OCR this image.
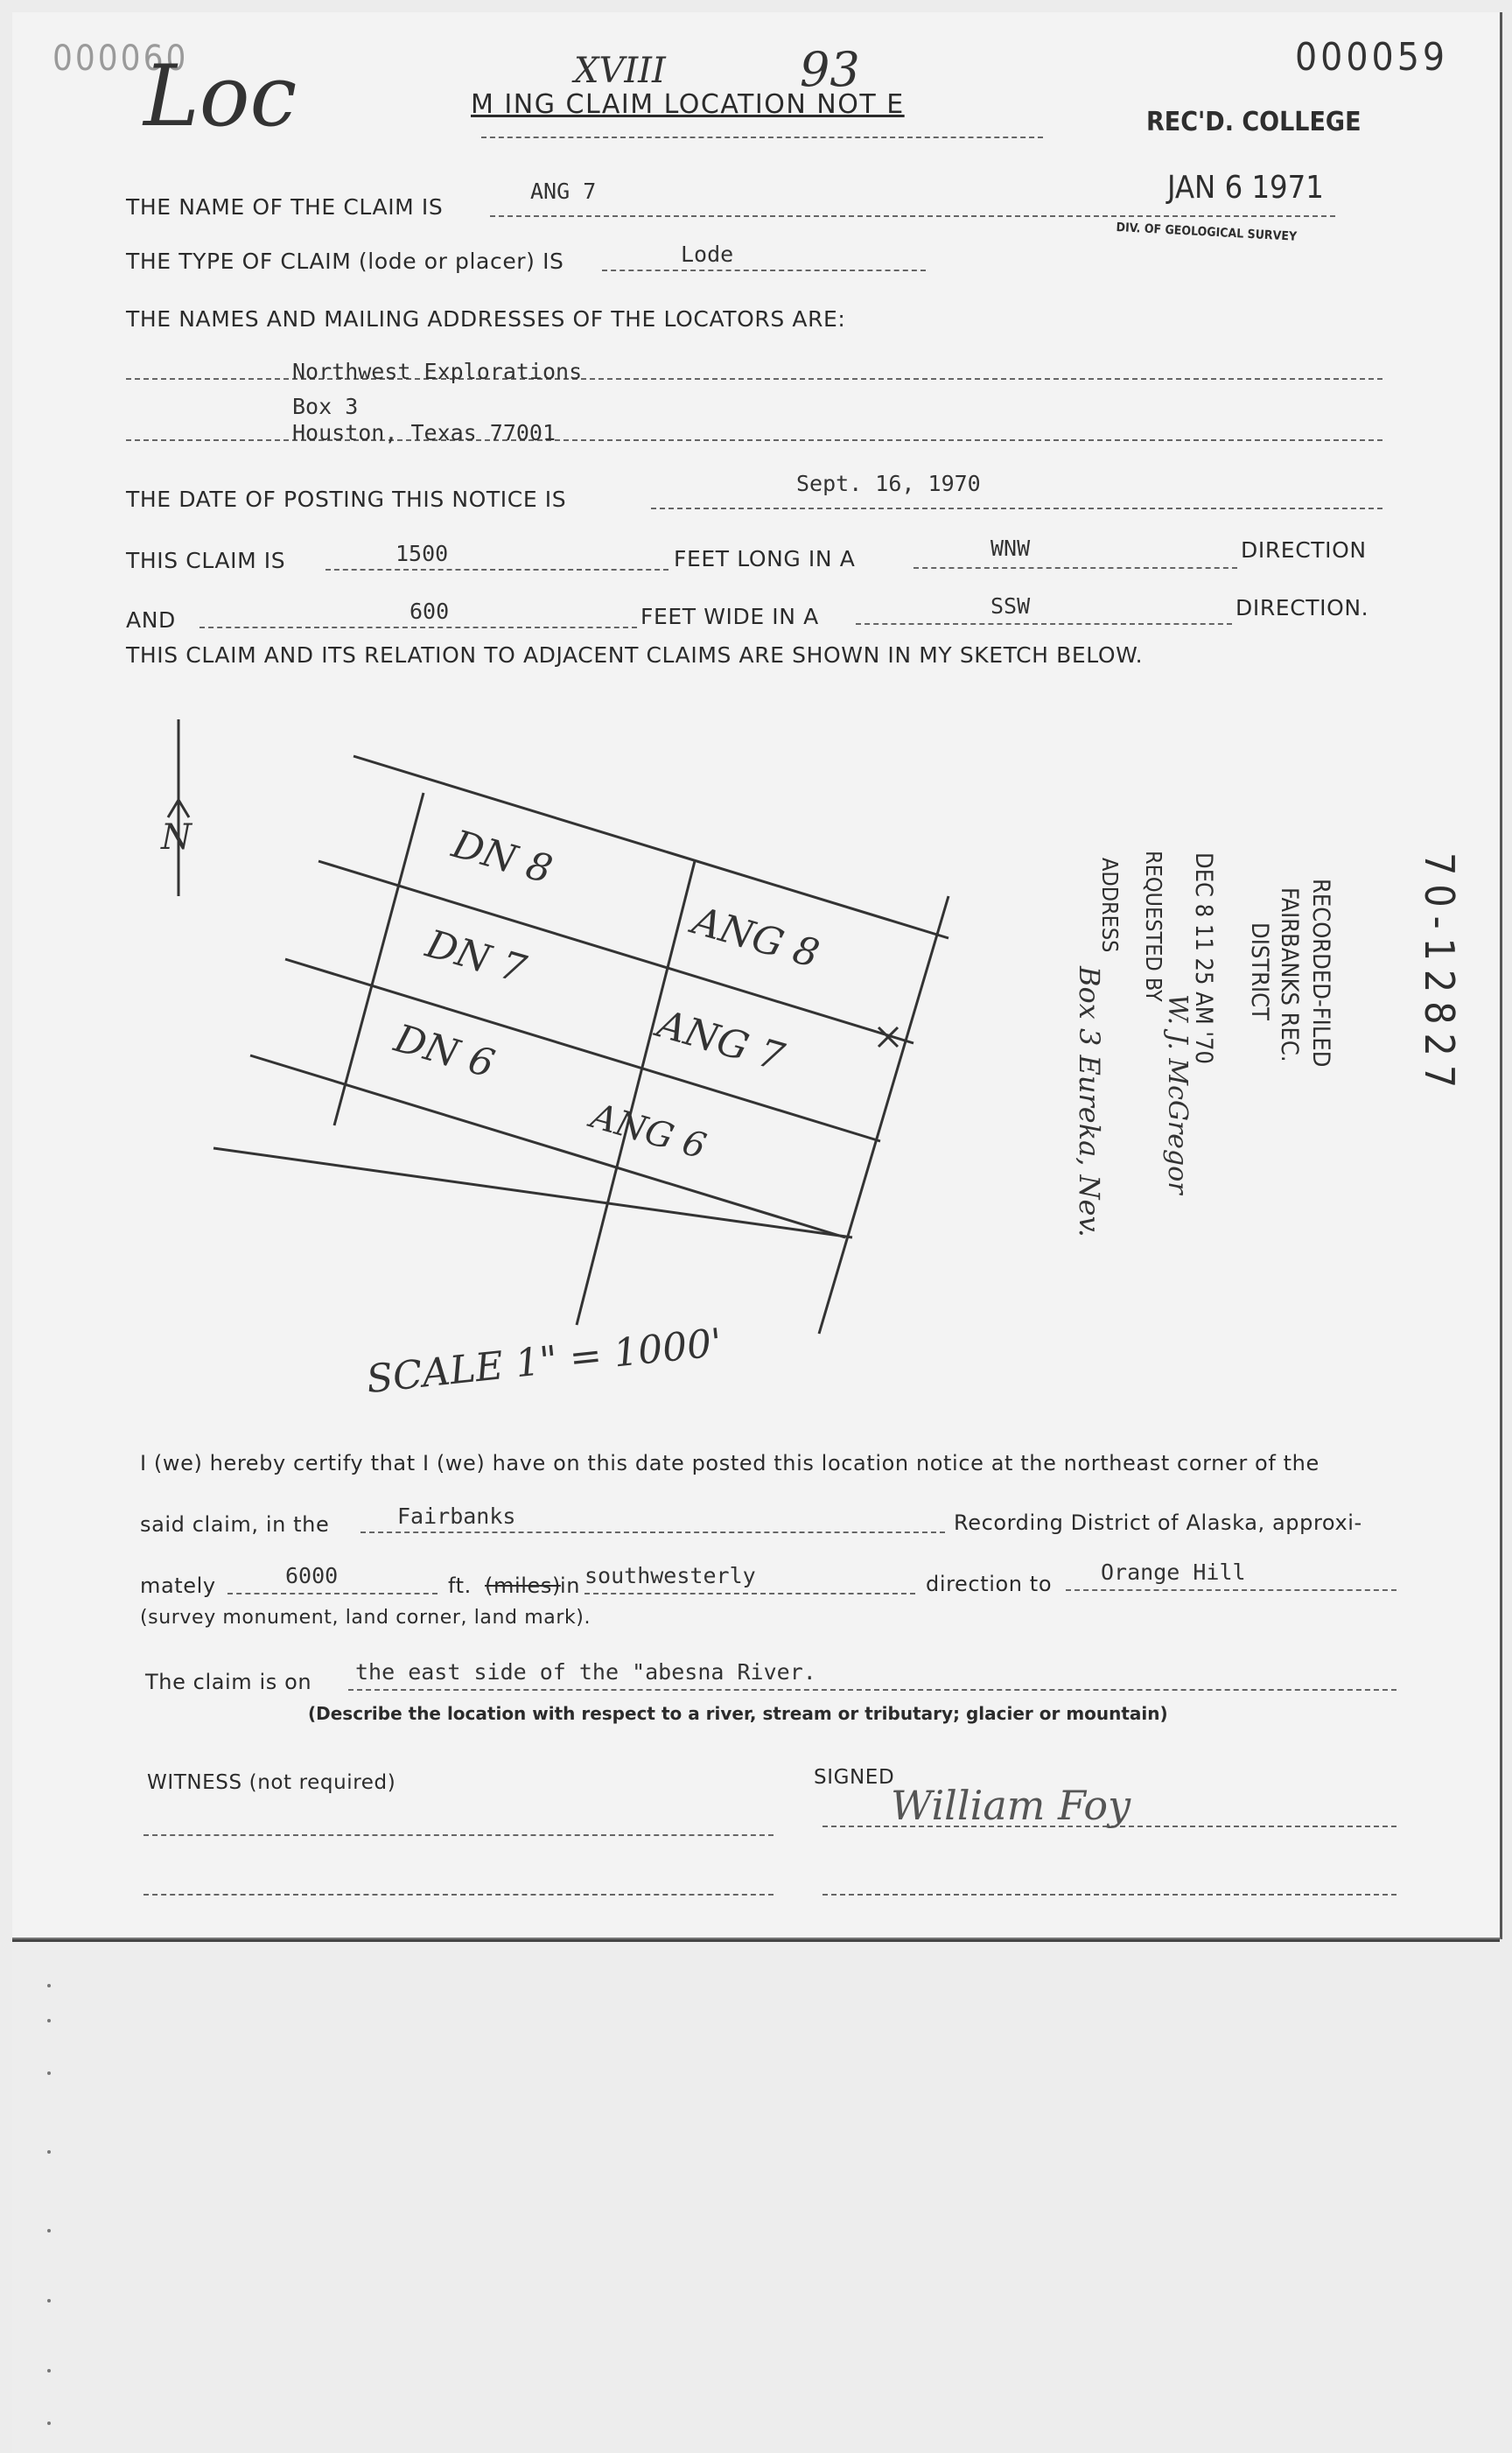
000060	000059
Loc	XVIII	93
M ING CLAIM LOCATION NOT E
REC'D. COLLEGE
JAN 6 1971
DIV. OF GEOLOGICAL SURVEY
THE NAME OF THE CLAIM IS
ANG 7
THE TYPE OF CLAIM (lode or placer) IS	Lode
THE NAMES AND MAILING ADDRESSES OF THE LOCATORS ARE:
Northwest Explorations
Box 3
Houston, Texas 77001
THE DATE OF POSTING THIS NOTICE IS
Sept. 16, 1970
THIS CLAIM IS	1500	FEET LONG IN A	WNW	DIRECTION
AND	600	FEET WIDE IN A	SSW	DIRECTION.
THIS CLAIM AND ITS RELATION TO ADJACENT CLAIMS ARE SHOWN IN MY SKETCH BELOW.
N	DN 8
DN 7
DN 6
ANG 8
ANG 7
ANG 6
SCALE 1" = 1000'
70-12827
RECORDED-FILED
FAIRBANKS REC.
DISTRICT
DEC 8 11 25 AM '70
REQUESTED BY
W. J. McGregor
ADDRESS
Box 3 Eureka, Nev.
I (we) hereby certify that I (we) have on this date posted this location notice at the northeast corner of the
said claim, in the	Fairbanks	Recording District of Alaska, approxi-
mately	6000	ft. (miles) in southwesterly	direction to Orange Hill
(survey monument, land corner, land mark).
The claim is on the east side of the "abesna River.
(Describe the location with respect to a river, stream or tributary; glacier or mountain)
WITNESS (not required)	SIGNED
William Foy
